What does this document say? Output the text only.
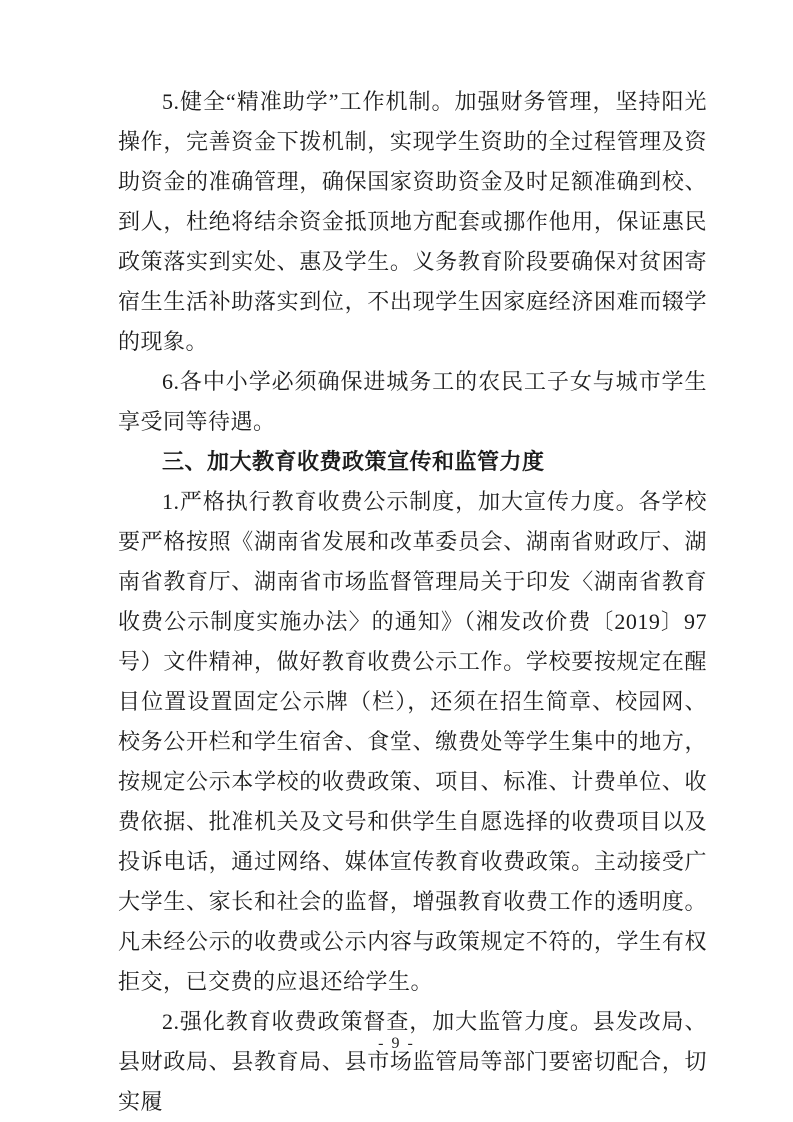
5.健全“精准助学”工作机制。加强财务管理，坚持阳光操作，完善资金下拨机制，实现学生资助的全过程管理及资助资金的准确管理，确保国家资助资金及时足额准确到校、到人，杜绝将结余资金抵顶地方配套或挪作他用，保证惠民政策落实到实处、惠及学生。义务教育阶段要确保对贫困寄宿生生活补助落实到位，不出现学生因家庭经济困难而辍学的现象。

6.各中小学必须确保进城务工的农民工子女与城市学生享受同等待遇。

三、加大教育收费政策宣传和监管力度

1.严格执行教育收费公示制度，加大宣传力度。各学校要严格按照《湖南省发展和改革委员会、湖南省财政厅、湖南省教育厅、湖南省市场监督管理局关于印发〈湖南省教育收费公示制度实施办法〉的通知》（湘发改价费〔2019〕97 号）文件精神，做好教育收费公示工作。学校要按规定在醒目位置设置固定公示牌（栏），还须在招生简章、校园网、校务公开栏和学生宿舍、食堂、缴费处等学生集中的地方，按规定公示本学校的收费政策、项目、标准、计费单位、收费依据、批准机关及文号和供学生自愿选择的收费项目以及投诉电话，通过网络、媒体宣传教育收费政策。主动接受广大学生、家长和社会的监督，增强教育收费工作的透明度。凡未经公示的收费或公示内容与政策规定不符的，学生有权拒交，已交费的应退还给学生。

2.强化教育收费政策督查，加大监管力度。县发改局、县财政局、县教育局、县市场监管局等部门要密切配合，切实履

- 9 -
